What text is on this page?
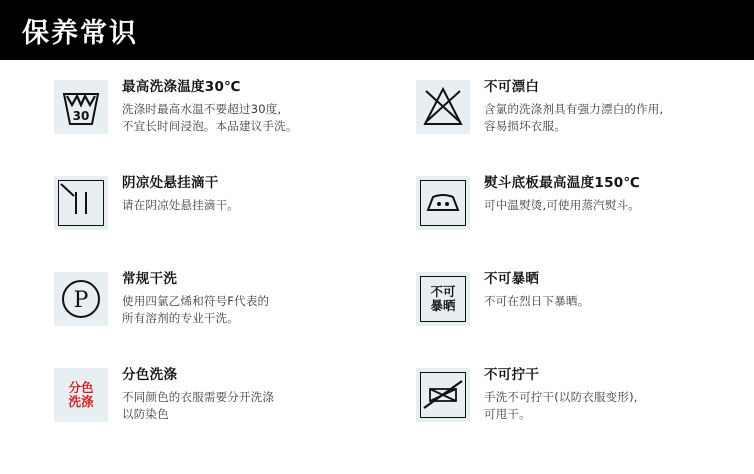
保养常识
30
最高洗涤温度30℃
洗涤时最高水温不要超过30度,
不宜长时间浸泡。本品建议手洗。
不可漂白
含氯的洗涤剂具有强力漂白的作用,
容易损坏衣服。
阴凉处悬挂滴干
请在阴凉处悬挂滴干。
熨斗底板最高温度150℃
可中温熨烫,可使用蒸汽熨斗。
P
常规干洗
使用四氯乙烯和符号F代表的
所有溶剂的专业干洗。
不可
暴晒
不可暴晒
不可在烈日下暴晒。
分色
洗涤
分色洗涤
不同颜色的衣服需要分开洗涤
以防染色
不可拧干
手洗不可拧干(以防衣服变形),
可甩干。
